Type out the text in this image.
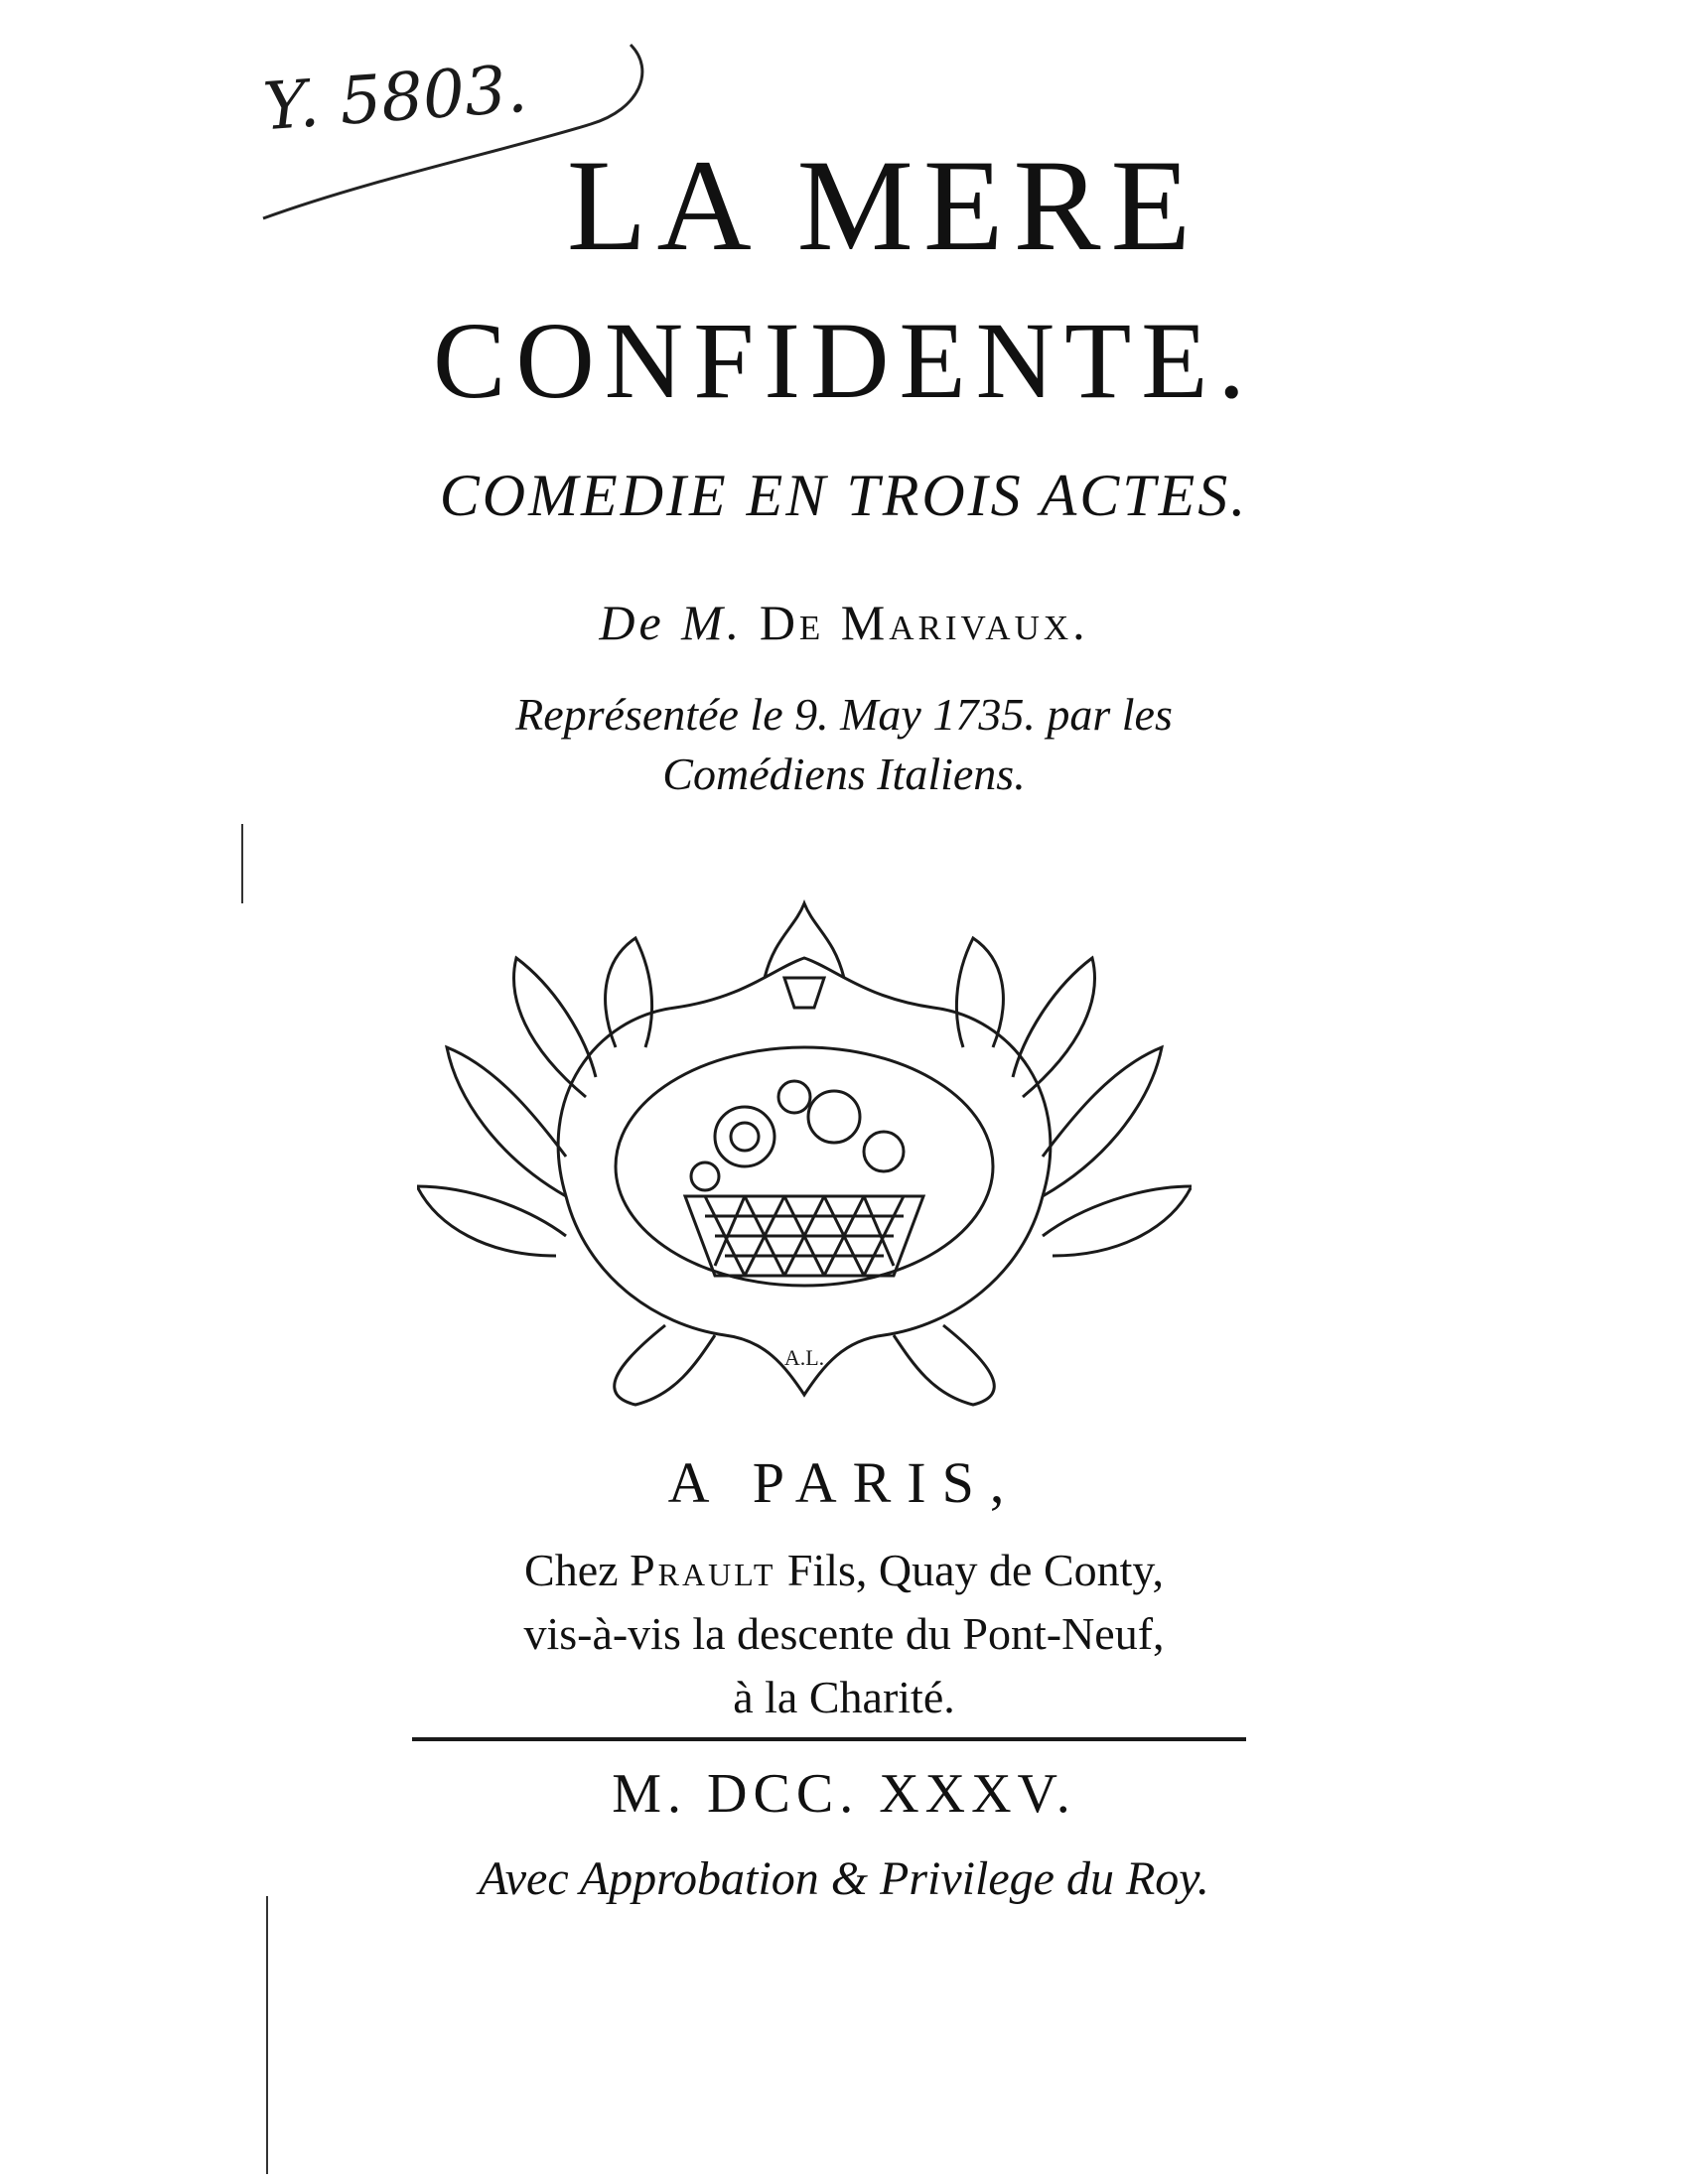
Y. 5803.
LA MERE
CONFIDENTE.
COMEDIE EN TROIS ACTES.
De M. De Marivaux.
Représentée le 9. May 1735. par les
Comédiens Italiens.
A.L.
A PARIS,
Chez Prault Fils, Quay de Conty,
vis-à-vis la descente du Pont-Neuf,
à la Charité.
M. DCC. XXXV.
Avec Approbation & Privilege du Roy.
